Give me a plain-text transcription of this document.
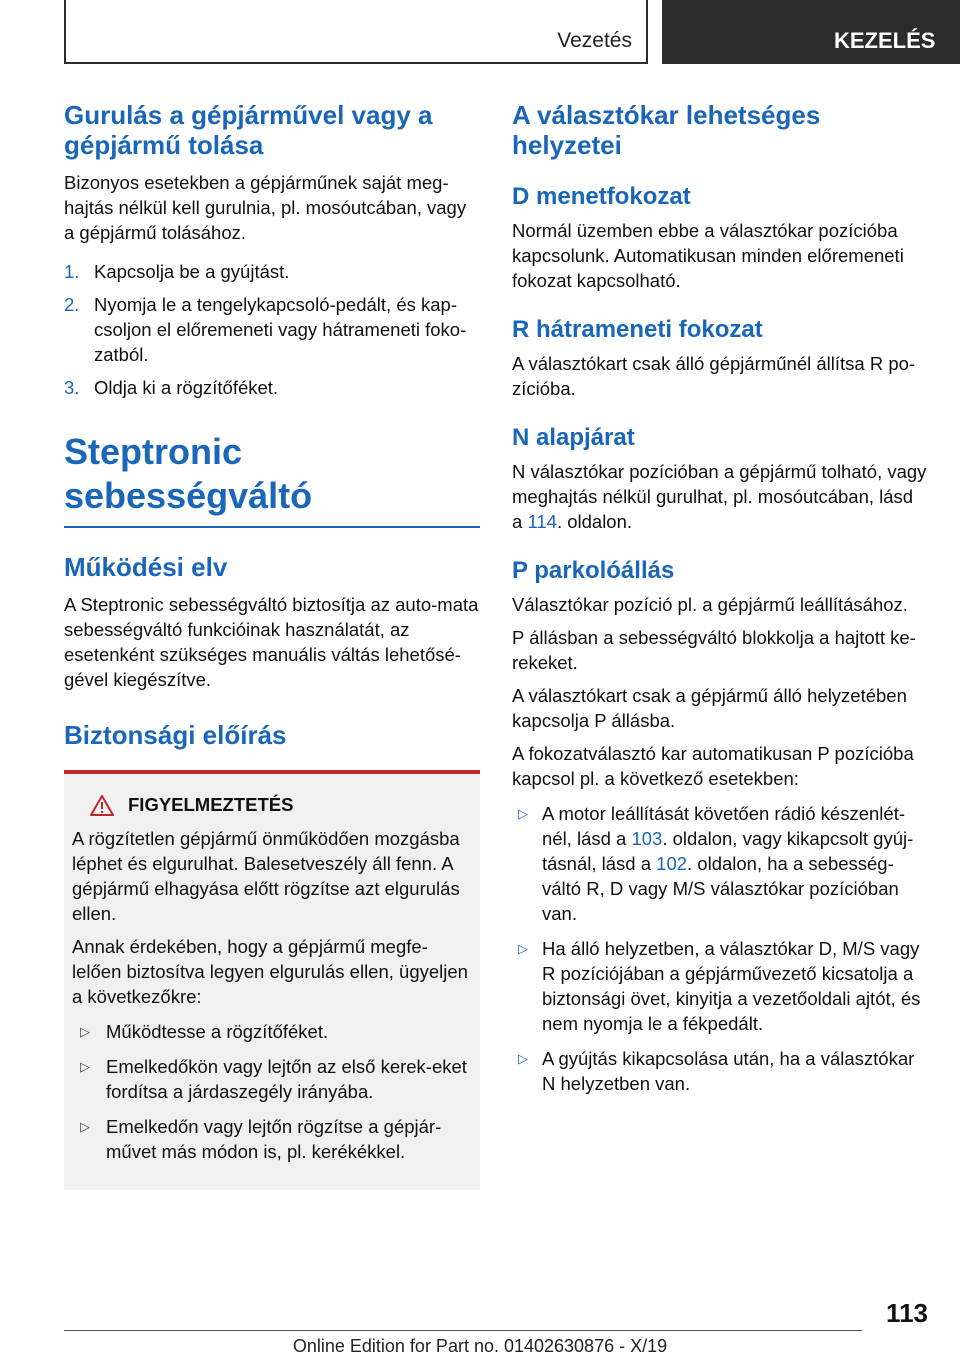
Vezetés	KEZELÉS
Gurulás a gépjárművel vagy a gépjármű tolása

Bizonyos esetekben a gépjárműnek saját meg-hajtás nélkül kell gurulnia, pl. mosóutcában, vagy a gépjármű tolásához.

1. Kapcsolja be a gyújtást.
2. Nyomja le a tengelykapcsoló-pedált, és kap-csoljon el előremeneti vagy hátrameneti foko-zatból.
3. Oldja ki a rögzítőféket.
Steptronic sebességváltó
Működési elv

A Steptronic sebességváltó biztosítja az auto-mata sebességváltó funkcióinak használatát, az esetenként szükséges manuális váltás lehetősé-gével kiegészítve.

Biztonsági előírás
FIGYELMEZTETÉS

A rögzítetlen gépjármű önműködően mozgásba léphet és elgurulhat. Balesetveszély áll fenn. A gépjármű elhagyása előtt rögzítse azt elgurulás ellen.

Annak érdekében, hogy a gépjármű megfe-lelően biztosítva legyen elgurulás ellen, ügyeljen a következőkre:

▷ Működtesse a rögzítőféket.
▷ Emelkedőkön vagy lejtőn az első kerek-eket fordítsa a járdaszegély irányába.
▷ Emelkedőn vagy lejtőn rögzítse a gépjár-művet más módon is, pl. kerékékkel.
A választókar lehetséges helyzetei
D menetfokozat

Normál üzemben ebbe a választókar pozícióba kapcsolunk. Automatikusan minden előremeneti fokozat kapcsolható.

R hátrameneti fokozat

A választókart csak álló gépjárműnél állítsa R po-zícióba.

N alapjárat

N választókar pozícióban a gépjármű tolható, vagy meghajtás nélkül gurulhat, pl. mosóutcában, lásd a 114. oldalon.

P parkolóállás

Választókar pozíció pl. a gépjármű leállításához.

P állásban a sebességváltó blokkolja a hajtott ke-rekeket.

A választókart csak a gépjármű álló helyzetében kapcsolja P állásba.

A fokozatválasztó kar automatikusan P pozícióba kapcsol pl. a következő esetekben:

▷ A motor leállítását követően rádió készenlét-nél, lásd a 103. oldalon, vagy kikapcsolt gyúj-tásnál, lásd a 102. oldalon, ha a sebesség-váltó R, D vagy M/S választókar pozícióban van.
▷ Ha álló helyzetben, a választókar D, M/S vagy R pozíciójában a gépjárművezető kicsatolja a biztonsági övet, kinyitja a vezetőoldali ajtót, és nem nyomja le a fékpedált.
▷ A gyújtás kikapcsolása után, ha a választókar N helyzetben van.
113
Online Edition for Part no. 01402630876 - X/19
